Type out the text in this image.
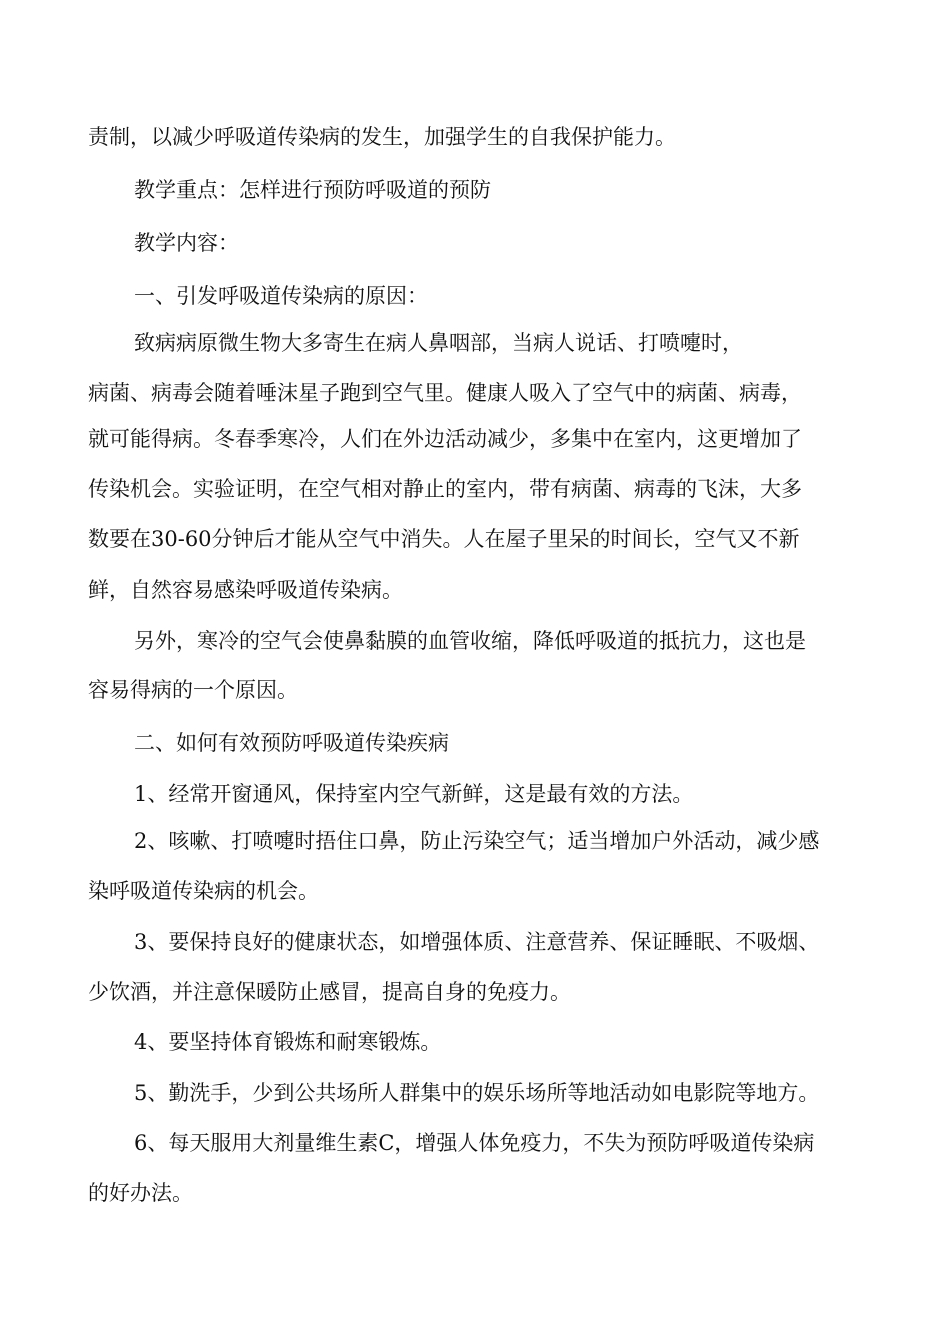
责制，以减少呼吸道传染病的发生，加强学生的自我保护能力。

教学重点：怎样进行预防呼吸道的预防

教学内容：

一、引发呼吸道传染病的原因：

致病病原微生物大多寄生在病人鼻咽部，当病人说话、打喷嚏时，

病菌、病毒会随着唾沫星子跑到空气里。健康人吸入了空气中的病菌、病毒，

就可能得病。冬春季寒冷，人们在外边活动减少，多集中在室内，这更增加了

传染机会。实验证明，在空气相对静止的室内，带有病菌、病毒的飞沫，大多

数要在30-60分钟后才能从空气中消失。人在屋子里呆的时间长，空气又不新

鲜，自然容易感染呼吸道传染病。

另外，寒冷的空气会使鼻黏膜的血管收缩，降低呼吸道的抵抗力，这也是

容易得病的一个原因。

二、如何有效预防呼吸道传染疾病

1、经常开窗通风，保持室内空气新鲜，这是最有效的方法。

2、咳嗽、打喷嚏时捂住口鼻，防止污染空气；适当增加户外活动，减少感

染呼吸道传染病的机会。

3、要保持良好的健康状态，如增强体质、注意营养、保证睡眠、不吸烟、

少饮酒，并注意保暖防止感冒，提高自身的免疫力。

4、要坚持体育锻炼和耐寒锻炼。

5、勤洗手，少到公共场所人群集中的娱乐场所等地活动如电影院等地方。

6、每天服用大剂量维生素C，增强人体免疫力，不失为预防呼吸道传染病

的好办法。
